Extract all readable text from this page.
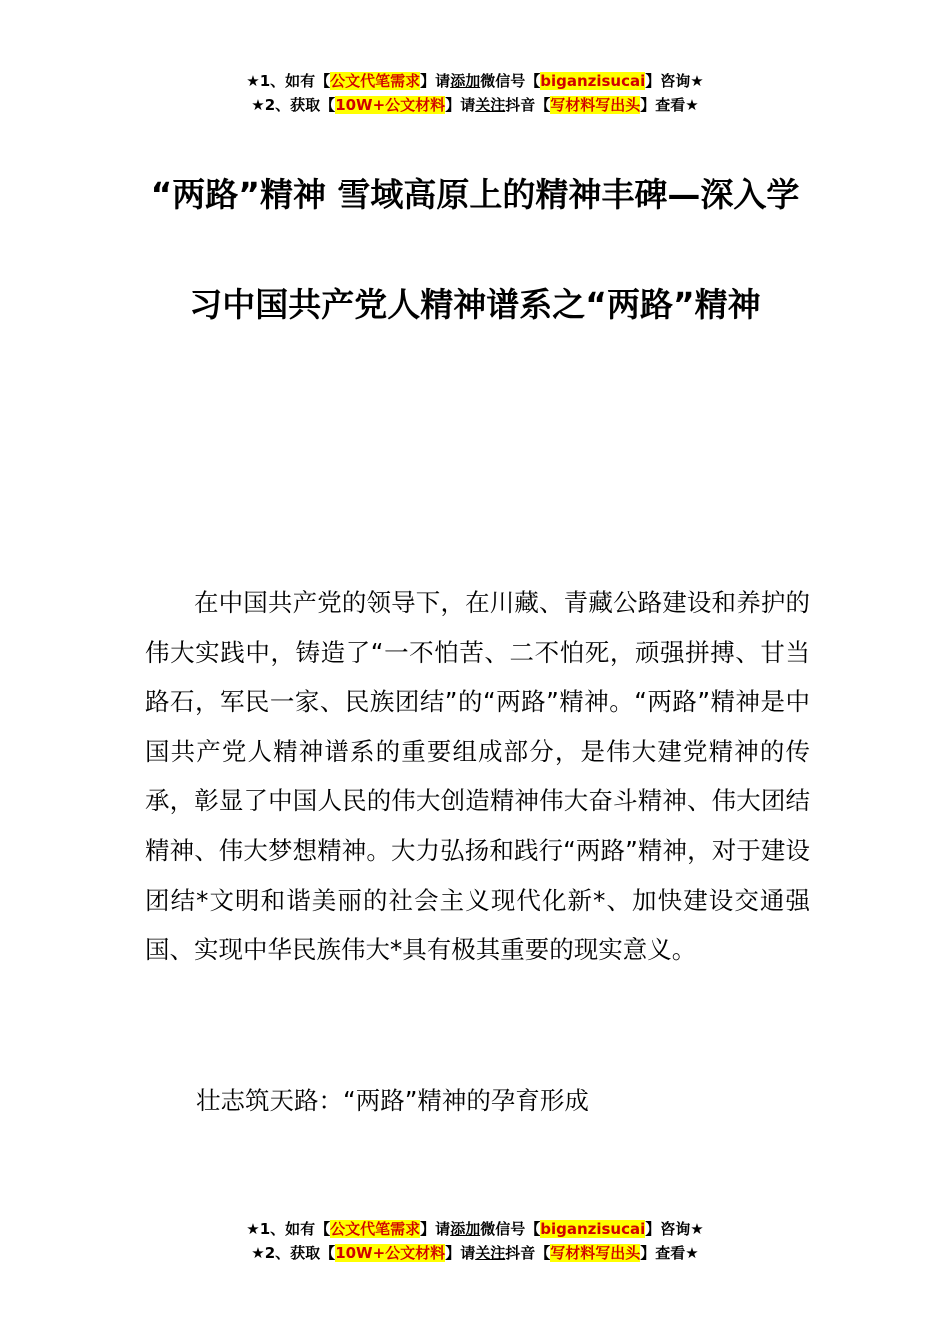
★1、如有【公文代笔需求】请添加微信号【biganzisucai】咨询★
★2、获取【10W+公文材料】请关注抖音【写材料写出头】查看★
“两路”精神 雪域高原上的精神丰碑—深入学习中国共产党人精神谱系之“两路”精神

在中国共产党的领导下，在川藏、青藏公路建设和养护的伟大实践中，铸造了“一不怕苦、二不怕死，顽强拼搏、甘当路石，军民一家、民族团结”的“两路”精神。“两路”精神是中国共产党人精神谱系的重要组成部分，是伟大建党精神的传承，彰显了中国人民的伟大创造精神伟大奋斗精神、伟大团结精神、伟大梦想精神。大力弘扬和践行“两路”精神，对于建设团结*文明和谐美丽的社会主义现代化新*、加快建设交通强国、实现中华民族伟大*具有极其重要的现实意义。

壮志筑天路：“两路”精神的孕育形成
★1、如有【公文代笔需求】请添加微信号【biganzisucai】咨询★
★2、获取【10W+公文材料】请关注抖音【写材料写出头】查看★
